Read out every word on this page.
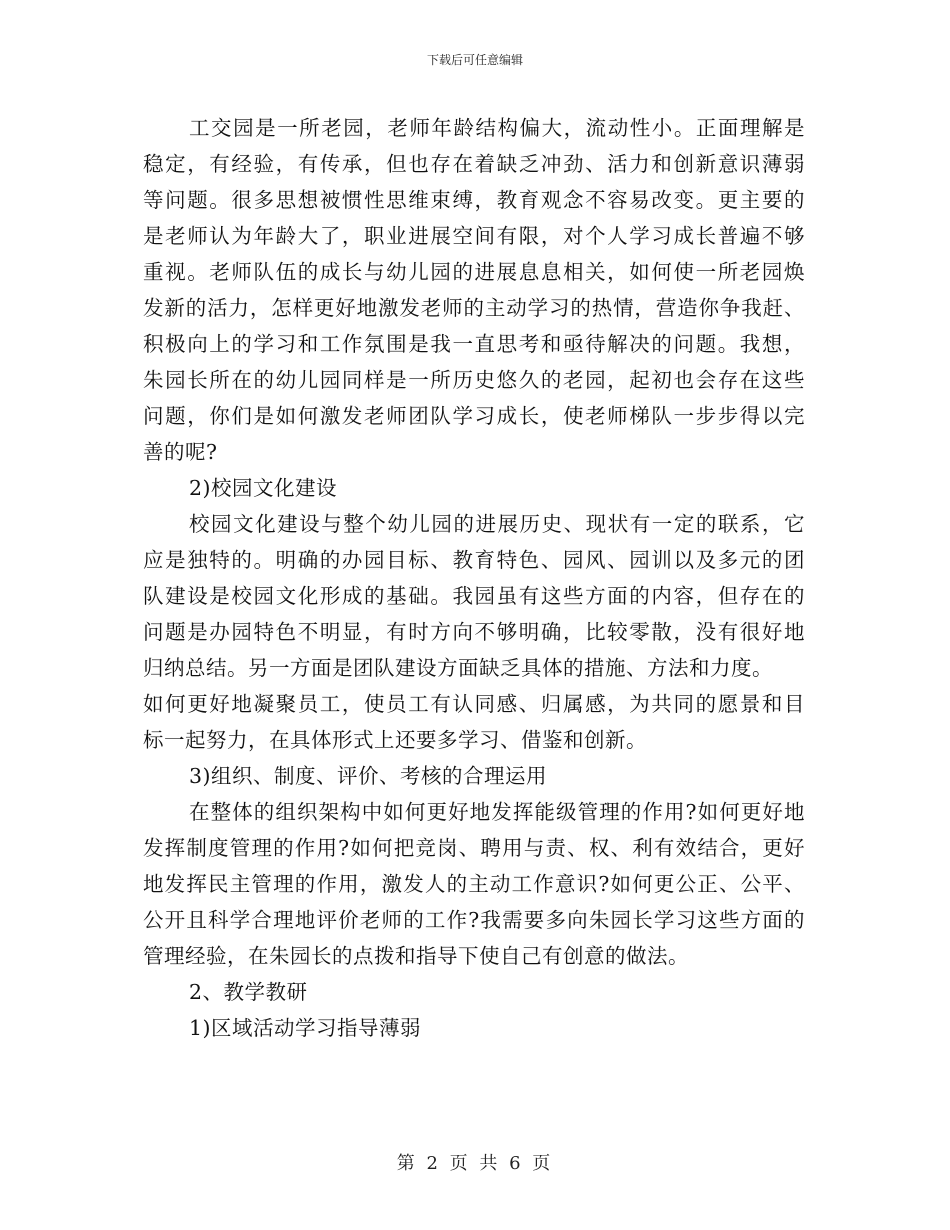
下载后可任意编辑
工交园是一所老园，老师年龄结构偏大，流动性小。正面理解是
稳定，有经验，有传承，但也存在着缺乏冲劲、活力和创新意识薄弱
等问题。很多思想被惯性思维束缚，教育观念不容易改变。更主要的
是老师认为年龄大了，职业进展空间有限，对个人学习成长普遍不够
重视。老师队伍的成长与幼儿园的进展息息相关，如何使一所老园焕
发新的活力，怎样更好地激发老师的主动学习的热情，营造你争我赶、
积极向上的学习和工作氛围是我一直思考和亟待解决的问题。我想，
朱园长所在的幼儿园同样是一所历史悠久的老园，起初也会存在这些
问题，你们是如何激发老师团队学习成长，使老师梯队一步步得以完
善的呢?
2)校园文化建设
校园文化建设与整个幼儿园的进展历史、现状有一定的联系，它
应是独特的。明确的办园目标、教育特色、园风、园训以及多元的团
队建设是校园文化形成的基础。我园虽有这些方面的内容，但存在的
问题是办园特色不明显，有时方向不够明确，比较零散，没有很好地
归纳总结。另一方面是团队建设方面缺乏具体的措施、方法和力度。
如何更好地凝聚员工，使员工有认同感、归属感，为共同的愿景和目
标一起努力，在具体形式上还要多学习、借鉴和创新。
3)组织、制度、评价、考核的合理运用
在整体的组织架构中如何更好地发挥能级管理的作用?如何更好地
发挥制度管理的作用?如何把竞岗、聘用与责、权、利有效结合，更好
地发挥民主管理的作用，激发人的主动工作意识?如何更公正、公平、
公开且科学合理地评价老师的工作?我需要多向朱园长学习这些方面的
管理经验，在朱园长的点拨和指导下使自己有创意的做法。
2、教学教研
1)区域活动学习指导薄弱
第 2 页 共 6 页
